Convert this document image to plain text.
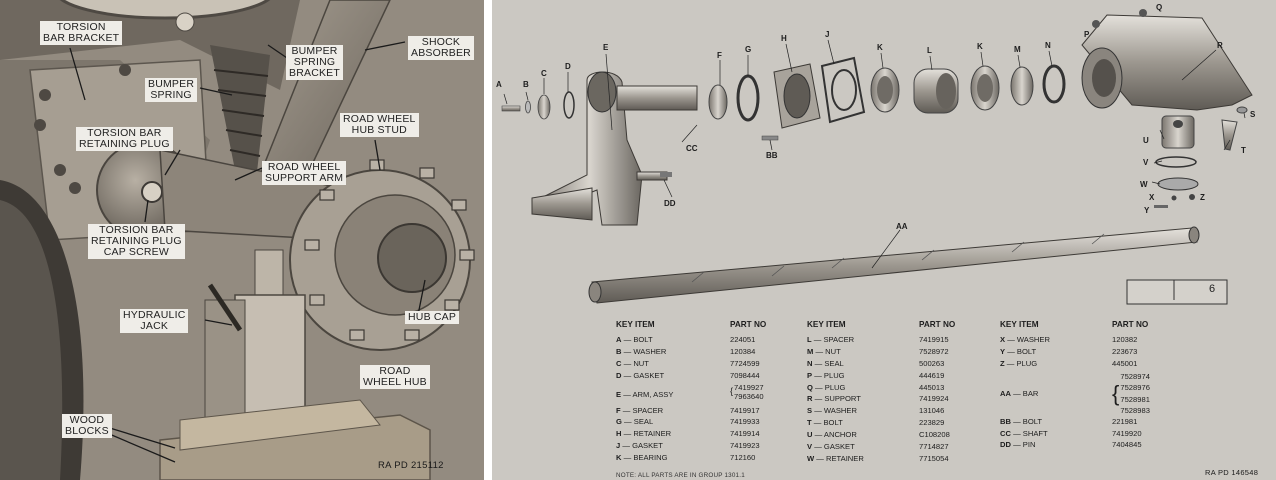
TORSION
BAR BRACKET
BUMPER
SPRING
BRACKET
SHOCK
ABSORBER
BUMPER
SPRING
ROAD WHEEL
HUB STUD
TORSION BAR
RETAINING PLUG
ROAD WHEEL
SUPPORT ARM
TORSION BAR
RETAINING PLUG
CAP SCREW
HYDRAULIC
JACK
HUB CAP
ROAD
WHEEL HUB
WOOD
BLOCKS
RA PD 215112
A	B
C
D
E
F
G
H	J
K	L	K	M	N
P
Q
R
S
T
U
V
W
X
Y
Z
AA
BB
CC
DD
6
KEY ITEM	PART NO
A — BOLT	224051
B — WASHER	120384
C — NUT	7724599
D — GASKET	7098444
E — ARM, ASSY	{7419927
7963640
F — SPACER	7419917
G — SEAL	7419933
H — RETAINER	7419914
J — GASKET	7419923
K — BEARING	712160
KEY ITEM	PART NO
L — SPACER	7419915
M — NUT	7528972
N — SEAL	500263
P — PLUG	444619
Q — PLUG	445013
R — SUPPORT	7419924
S — WASHER	131046
T — BOLT	223829
U — ANCHOR	C108208
V — GASKET	7714827
W — RETAINER	7715054
KEY ITEM	PART NO
X — WASHER	120382
Y — BOLT	223673
Z — PLUG	445001
AA — BAR	{7528974
7528976
7528981
7528983
BB — BOLT	221981
CC — SHAFT	7419920
DD — PIN	7404845
NOTE: ALL PARTS ARE IN GROUP 1301.1	RA PD 146548
